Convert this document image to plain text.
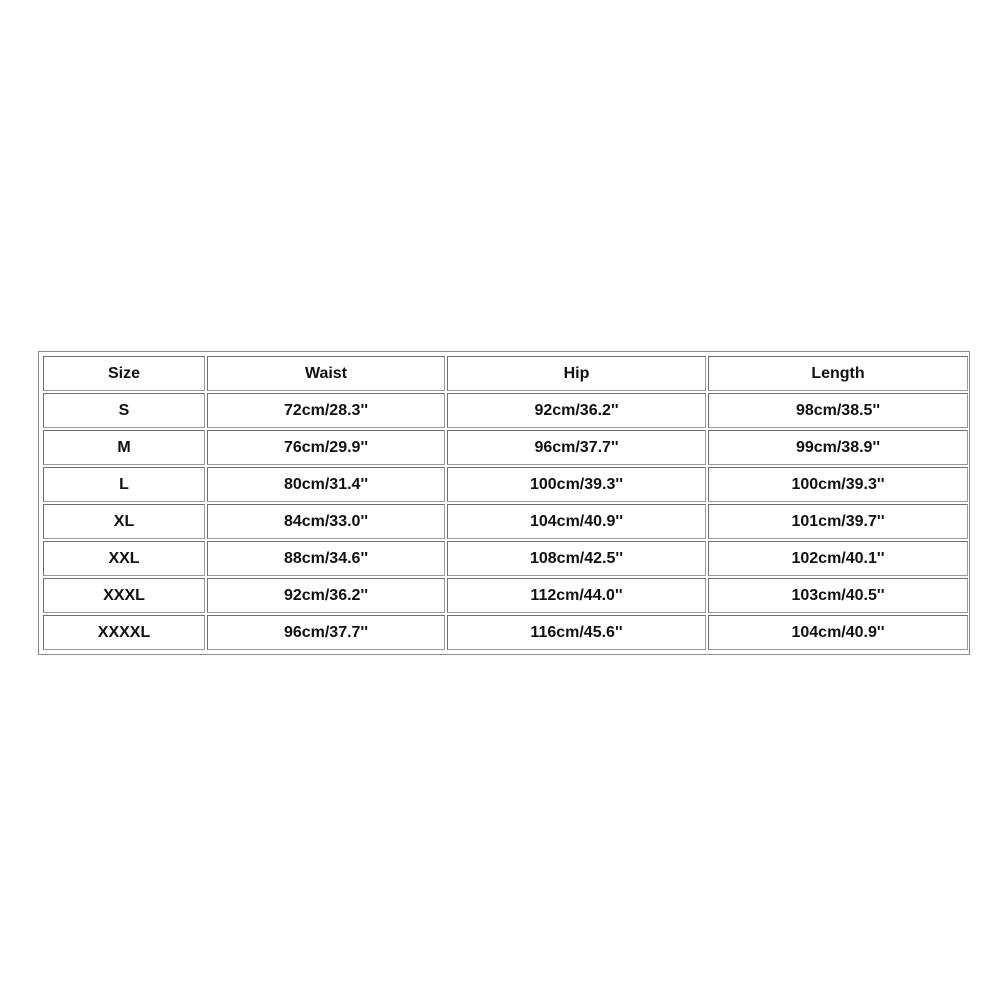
Size	Waist	Hip	Length
S	72cm/28.3''	92cm/36.2''	98cm/38.5''
M	76cm/29.9''	96cm/37.7''	99cm/38.9''
L	80cm/31.4''	100cm/39.3''	100cm/39.3''
XL	84cm/33.0''	104cm/40.9''	101cm/39.7''
XXL	88cm/34.6''	108cm/42.5''	102cm/40.1''
XXXL	92cm/36.2''	112cm/44.0''	103cm/40.5''
XXXXL	96cm/37.7''	116cm/45.6''	104cm/40.9''
